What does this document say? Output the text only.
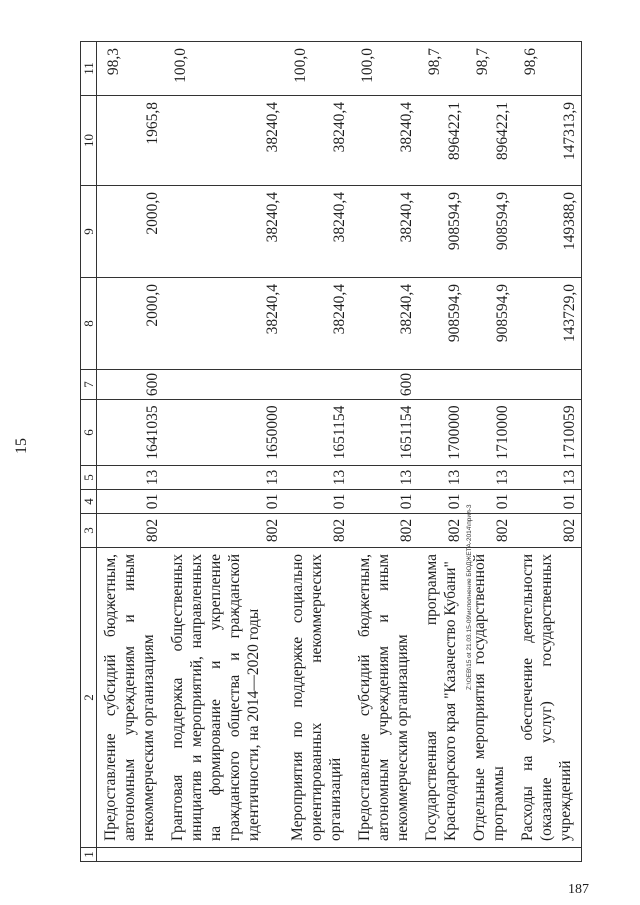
15
1	2	3	4	5	6	7	8	9	10	11
	Предоставление субсидий бюджетным, автономным учреждениям и иным некоммерческим организациям	802	01	13	1641035	600	2000,0	2000,0	1965,8	98,3
	Грантовая поддержка общественных инициатив и мероприятий, направленных на формирование и укрепление гражданского общества и гражданской идентичности, на 2014—2020 годы	802	01	13	1650000		38240,4	38240,4	38240,4	100,0
	Мероприятия по поддержке социально ориентированных некоммерческих организаций	802	01	13	1651154		38240,4	38240,4	38240,4	100,0
	Предоставление субсидий бюджетным, автономным учреждениям и иным некоммерческим организациям	802	01	13	1651154	600	38240,4	38240,4	38240,4	100,0
	Государственная программа Краснодарского края "Казачество Кубани"	802	01	13	1700000		908594,9	908594,9	896422,1	98,7
	Отдельные мероприятия государственной программы	802	01	13	1710000		908594,9	908594,9	896422,1	98,7
	Расходы на обеспечение деятельности (оказание услуг) государственных учреждений	802	01	13	1710059		143729,0	149388,0	147313,9	98,6
Z:\OEB\15 ot 21.03.15-09\исполнение БЮДЖЕТА-2014\прил-3
187
